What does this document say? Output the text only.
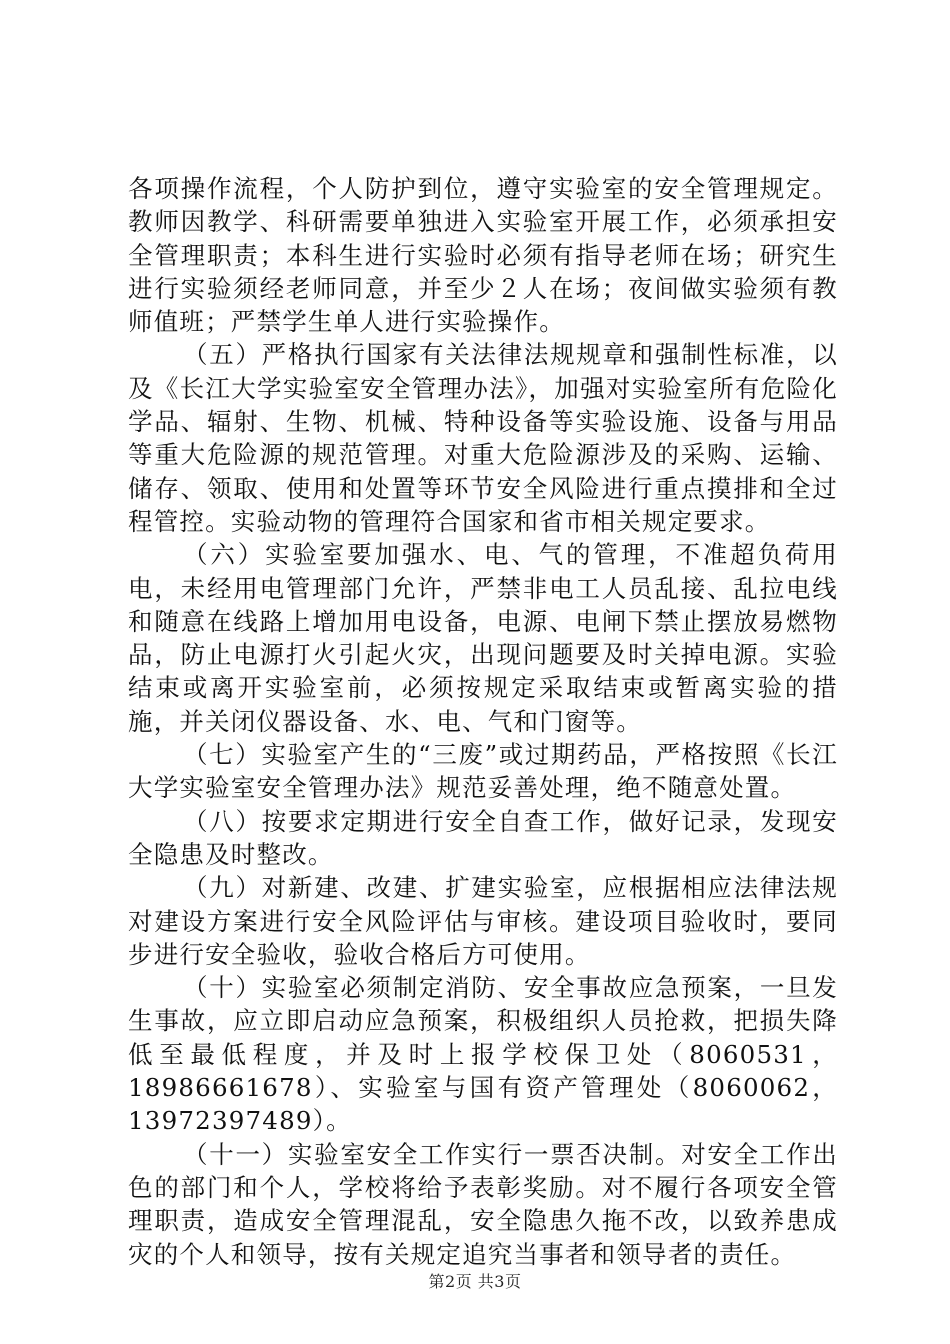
各项操作流程，个人防护到位，遵守实验室的安全管理规定。教师因教学、科研需要单独进入实验室开展工作，必须承担安全管理职责；本科生进行实验时必须有指导老师在场；研究生进行实验须经老师同意，并至少２人在场；夜间做实验须有教师值班；严禁学生单人进行实验操作。

（五）严格执行国家有关法律法规规章和强制性标准，以及《长江大学实验室安全管理办法》，加强对实验室所有危险化学品、辐射、生物、机械、特种设备等实验设施、设备与用品等重大危险源的规范管理。对重大危险源涉及的采购、运输、储存、领取、使用和处置等环节安全风险进行重点摸排和全过程管控。实验动物的管理符合国家和省市相关规定要求。

（六）实验室要加强水、电、气的管理，不准超负荷用电，未经用电管理部门允许，严禁非电工人员乱接、乱拉电线和随意在线路上增加用电设备，电源、电闸下禁止摆放易燃物品，防止电源打火引起火灾，出现问题要及时关掉电源。实验结束或离开实验室前，必须按规定采取结束或暂离实验的措施，并关闭仪器设备、水、电、气和门窗等。

（七）实验室产生的“三废”或过期药品，严格按照《长江大学实验室安全管理办法》规范妥善处理，绝不随意处置。

（八）按要求定期进行安全自查工作，做好记录，发现安全隐患及时整改。

（九）对新建、改建、扩建实验室，应根据相应法律法规对建设方案进行安全风险评估与审核。建设项目验收时，要同步进行安全验收，验收合格后方可使用。

（十）实验室必须制定消防、安全事故应急预案，一旦发生事故，应立即启动应急预案，积极组织人员抢救，把损失降低至最低程度，并及时上报学校保卫处（8060531，18986661678）、实验室与国有资产管理处（8060062，13972397489）。

（十一）实验室安全工作实行一票否决制。对安全工作出色的部门和个人，学校将给予表彰奖励。对不履行各项安全管理职责，造成安全管理混乱，安全隐患久拖不改，以致养患成灾的个人和领导，按有关规定追究当事者和领导者的责任。

第2页 共3页
